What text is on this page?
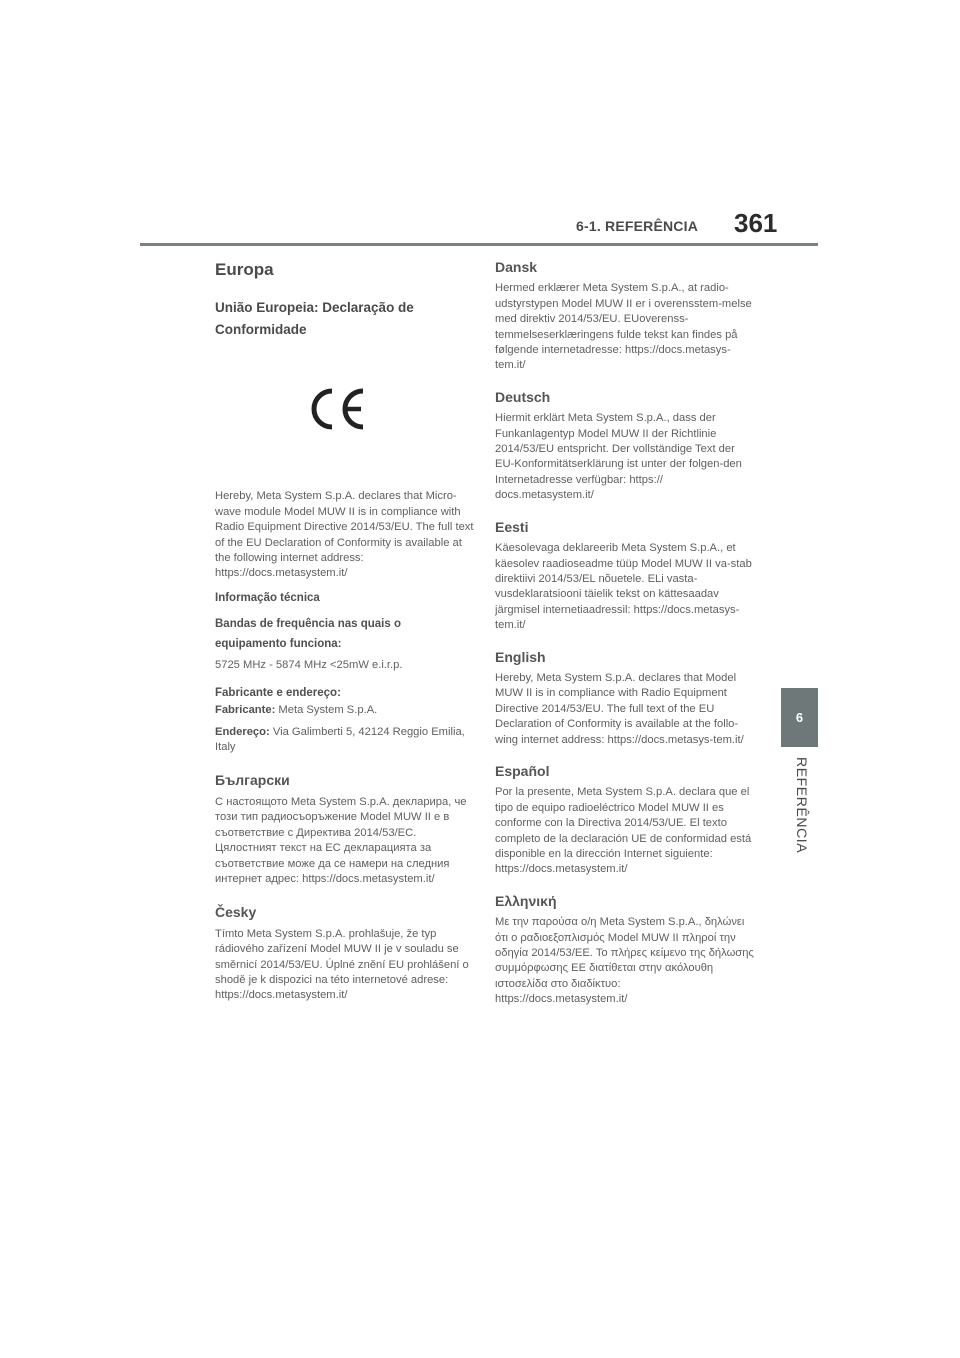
6-1. REFERÊNCIA 361
6
REFERÊNCIA
Europa
União Europeia: Declaração de Conformidade

Hereby, Meta System S.p.A. declares that Micro-wave module Model MUW II is in compliance with Radio Equipment Directive 2014/53/EU. The full text of the EU Declaration of Conformity is available at the following internet address: https://docs.metasystem.it/

Informação técnica
Bandas de frequência nas quais o equipamento funciona:
5725 MHz - 5874 MHz <25mW e.i.r.p.
Fabricante e endereço:
Fabricante: Meta System S.p.A.
Endereço: Via Galimberti 5, 42124 Reggio Emilia, Italy
Български

С настоящото Meta System S.p.A. декларира, че този тип радиосъоръжение Model MUW II е в съответствие с Директива 2014/53/ЕС. Цялостният текст на ЕС декларацията за съответствие може да се намери на следния интернет адрес: https://docs.metasystem.it/

Česky

Tímto Meta System S.p.A. prohlašuje, že typ rádiového zařízení Model MUW II je v souladu se směrnicí 2014/53/EU. Úplné znění EU prohlášení o shodě je k dispozici na této internetové adrese: https://docs.metasystem.it/

Dansk

Hermed erklærer Meta System S.p.A., at radio-udstyrstypen Model MUW II er i overensstem-melse med direktiv 2014/53/EU. EUoverenss-temmelseserklæringens fulde tekst kan findes på følgende internetadresse: https://docs.metasys-tem.it/

Deutsch

Hiermit erklärt Meta System S.p.A., dass der Funkanlagentyp Model MUW II der Richtlinie 2014/53/EU entspricht. Der vollständige Text der EU-Konformitätserklärung ist unter der folgen-den Internetadresse verfügbar: https:// docs.metasystem.it/

Eesti

Käesolevaga deklareerib Meta System S.p.A., et käesolev raadioseadme tüüp Model MUW II va-stab direktiivi 2014/53/EL nõuetele. ELi vasta-vusdeklaratsiooni täielik tekst on kättesaadav järgmisel internetiaadressil: https://docs.metasys-tem.it/

English

Hereby, Meta System S.p.A. declares that Model MUW II is in compliance with Radio Equipment Directive 2014/53/EU. The full text of the EU Declaration of Conformity is available at the follo-wing internet address: https://docs.metasys-tem.it/

Español

Por la presente, Meta System S.p.A. declara que el tipo de equipo radioeléctrico Model MUW II es conforme con la Directiva 2014/53/UE. El texto completo de la declaración UE de conformidad está disponible en la dirección Internet siguiente: https://docs.metasystem.it/

Ελληνική

Με την παρούσα ο/η Meta System S.p.A., δηλώνει ότι ο ραδιοεξοπλισμός Model MUW II πληροί την οδηγία 2014/53/ΕΕ. Το πλήρες κείμενο της δήλωσης συμμόρφωσης ΕΕ διατίθεται στην ακόλουθη ιστοσελίδα στο διαδίκτυο: https://docs.metasystem.it/
